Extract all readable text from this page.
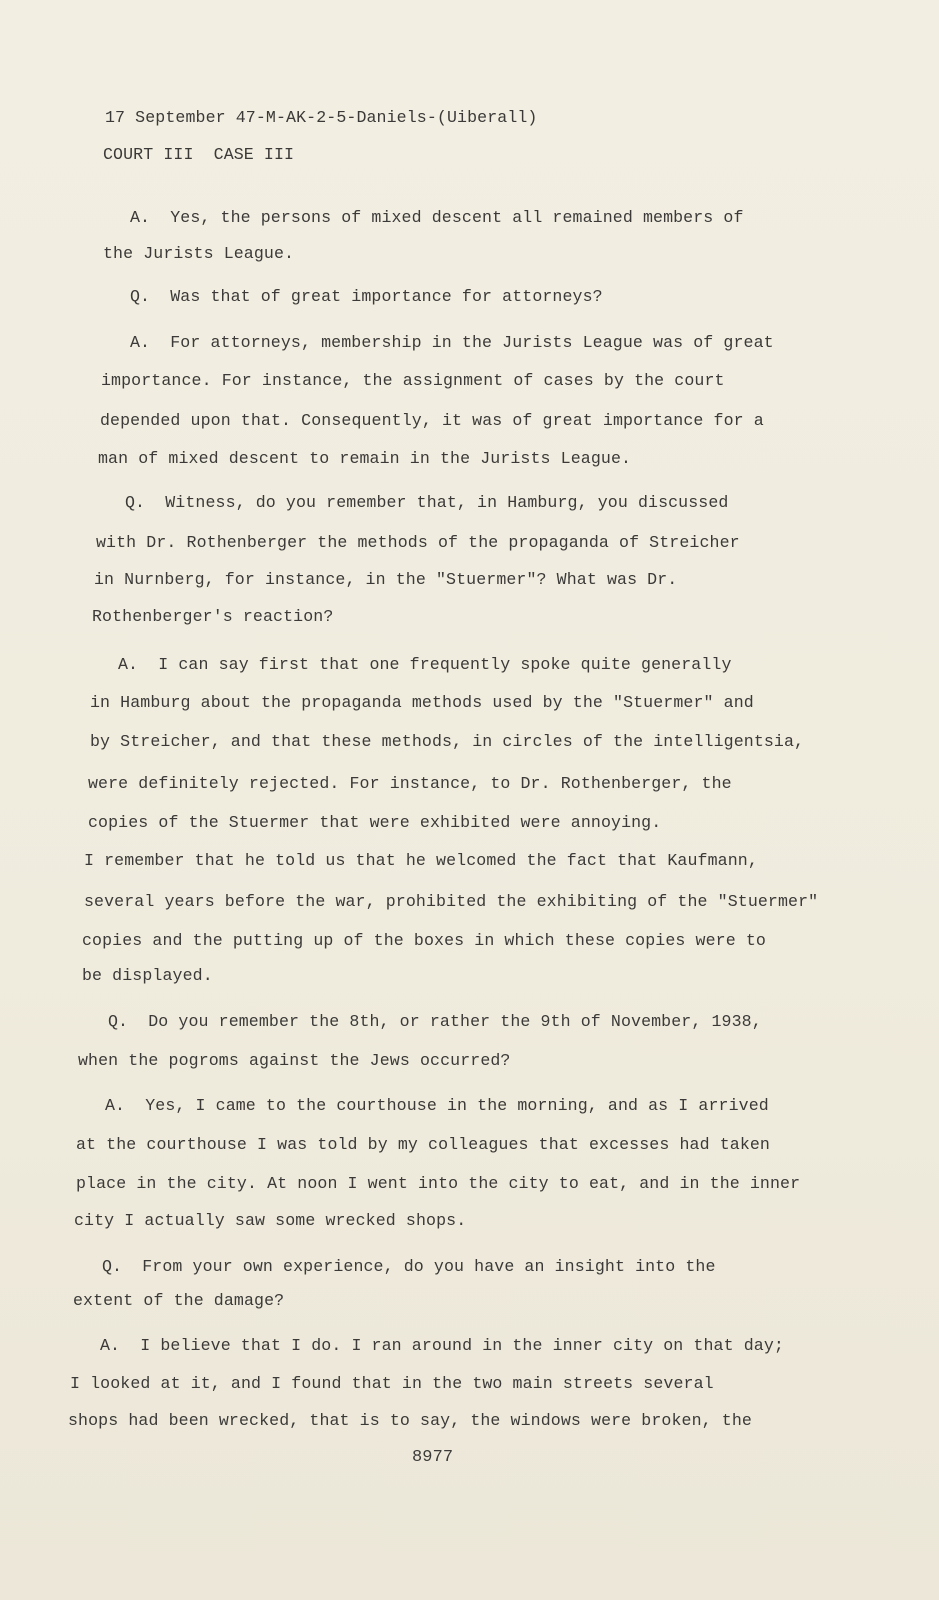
17 September 47-M-AK-2-5-Daniels-(Uiberall)
COURT III  CASE III
A.  Yes, the persons of mixed descent all remained members of
the Jurists League.
Q.  Was that of great importance for attorneys?
A.  For attorneys, membership in the Jurists League was of great
importance. For instance, the assignment of cases by the court
depended upon that. Consequently, it was of great importance for a
man of mixed descent to remain in the Jurists League.
Q.  Witness, do you remember that, in Hamburg, you discussed
with Dr. Rothenberger the methods of the propaganda of Streicher
in Nurnberg, for instance, in the "Stuermer"? What was Dr.
Rothenberger's reaction?
A.  I can say first that one frequently spoke quite generally
in Hamburg about the propaganda methods used by the "Stuermer" and
by Streicher, and that these methods, in circles of the intelligentsia,
were definitely rejected. For instance, to Dr. Rothenberger, the
copies of the Stuermer that were exhibited were annoying.
I remember that he told us that he welcomed the fact that Kaufmann,
several years before the war, prohibited the exhibiting of the "Stuermer"
copies and the putting up of the boxes in which these copies were to
be displayed.
Q.  Do you remember the 8th, or rather the 9th of November, 1938,
when the pogroms against the Jews occurred?
A.  Yes, I came to the courthouse in the morning, and as I arrived
at the courthouse I was told by my colleagues that excesses had taken
place in the city. At noon I went into the city to eat, and in the inner
city I actually saw some wrecked shops.
Q.  From your own experience, do you have an insight into the
extent of the damage?
A.  I believe that I do. I ran around in the inner city on that day;
I looked at it, and I found that in the two main streets several
shops had been wrecked, that is to say, the windows were broken, the
8977
